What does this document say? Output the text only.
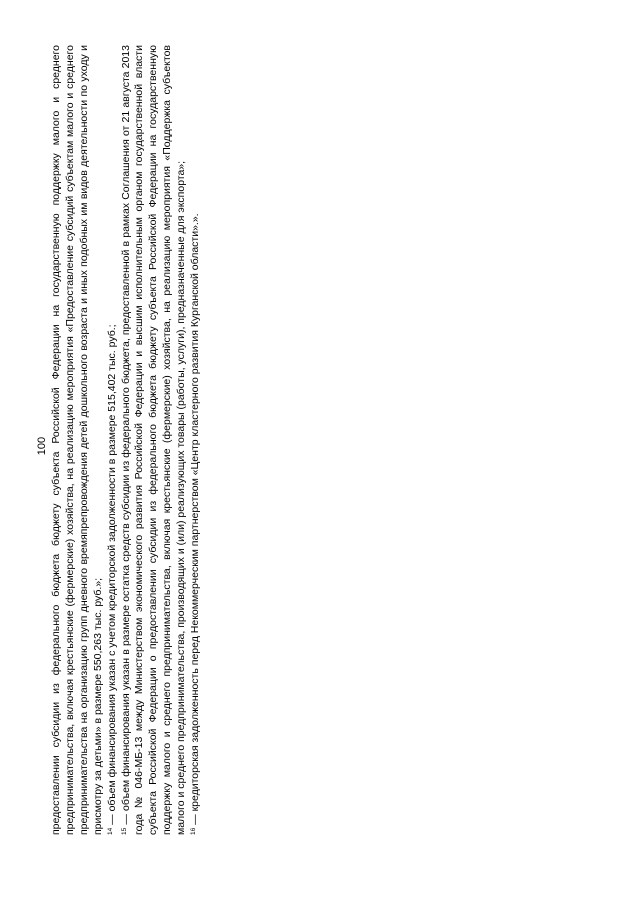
100 предоставлении субсидии из федерального бюджета бюджету субъекта Российской Федерации на государственную поддержку малого и среднего предпринимательства, включая крестьянские (фермерские) хозяйства, на реализацию мероприятия «Предоставление субсидий субъектам малого и среднего предпринимательства на организацию групп дневного времяпрепровождения детей дошкольного возраста и иных подобных им видов деятельности по уходу и присмотру за детьми» в размере 550,263 тыс. руб.»; $^{14}$ — объем финансирования указан с учетом кредиторской задолженности в размере 515,402 тыс. руб.;

$^{15}$ — объем финансирования указан в размере остатка средств субсидии из федерального бюджета, предоставленной в рамках Соглашения от 21 августа 2013 года № 046-МБ-13 между Министерством экономического развития Российской Федерации и высшим исполнительным органом государственной власти субъекта Российской Федерации о предоставлении субсидии из федерального бюджета бюджету субъекта Российской Федерации на государственную поддержку малого и среднего предпринимательства, включая крестьянские (фермерские) хозяйства, на реализацию мероприятия «Поддержка субъектов малого и среднего предпринимательства, производящих и (или) реализующих товары (работы, услуги), предназначенные для экспорта»; $^{16}$ — кредиторская задолженность перед Некоммерческим партнерством «Центр кластерного развития Курганской области».».
